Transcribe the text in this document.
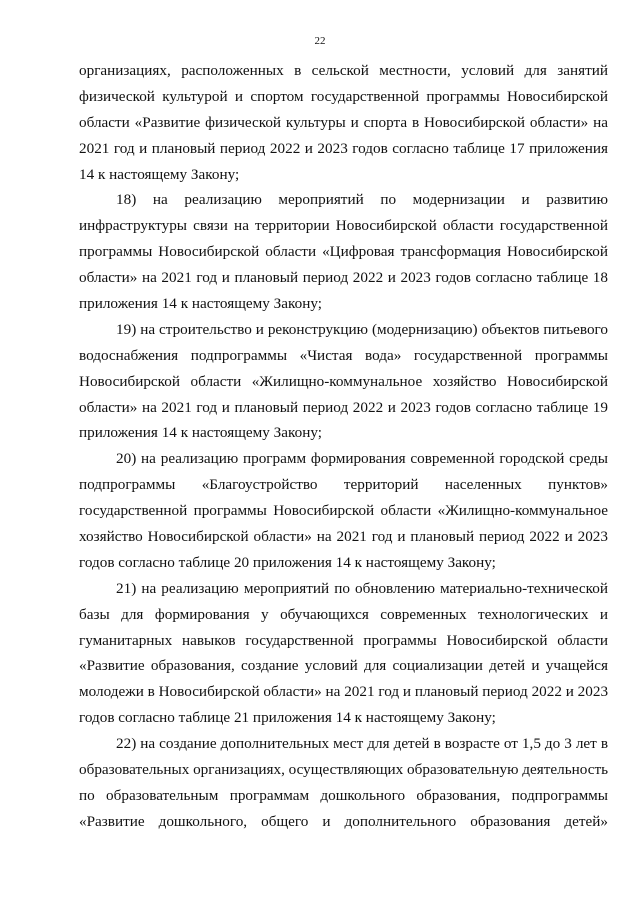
22
организациях, расположенных в сельской местности, условий для занятий
физической культурой и спортом государственной программы Новосибирской
области «Развитие физической культуры и спорта в Новосибирской области» на
2021 год и плановый период 2022 и 2023 годов согласно таблице 17 приложения
14 к настоящему Закону;
18) на реализацию мероприятий по модернизации и развитию
инфраструктуры связи на территории Новосибирской области государственной
программы Новосибирской области «Цифровая трансформация Новосибирской
области» на 2021 год и плановый период 2022 и 2023 годов согласно таблице 18
приложения 14 к настоящему Закону;
19) на строительство и реконструкцию (модернизацию) объектов питьевого
водоснабжения подпрограммы «Чистая вода» государственной программы
Новосибирской области «Жилищно-коммунальное хозяйство Новосибирской
области» на 2021 год и плановый период 2022 и 2023 годов согласно таблице 19
приложения 14 к настоящему Закону;
20) на реализацию программ формирования современной городской среды
подпрограммы «Благоустройство территорий населенных пунктов»
государственной программы Новосибирской области «Жилищно-коммунальное
хозяйство Новосибирской области» на 2021 год и плановый период 2022 и 2023
годов согласно таблице 20 приложения 14 к настоящему Закону;
21) на реализацию мероприятий по обновлению материально-технической
базы для формирования у обучающихся современных технологических и
гуманитарных навыков государственной программы Новосибирской области
«Развитие образования, создание условий для социализации детей и учащейся
молодежи в Новосибирской области» на 2021 год и плановый период 2022 и 2023
годов согласно таблице 21 приложения 14 к настоящему Закону;
22) на создание дополнительных мест для детей в возрасте от 1,5 до 3 лет в
образовательных организациях, осуществляющих образовательную деятельность
по образовательным программам дошкольного образования, подпрограммы
«Развитие дошкольного, общего и дополнительного образования детей»
